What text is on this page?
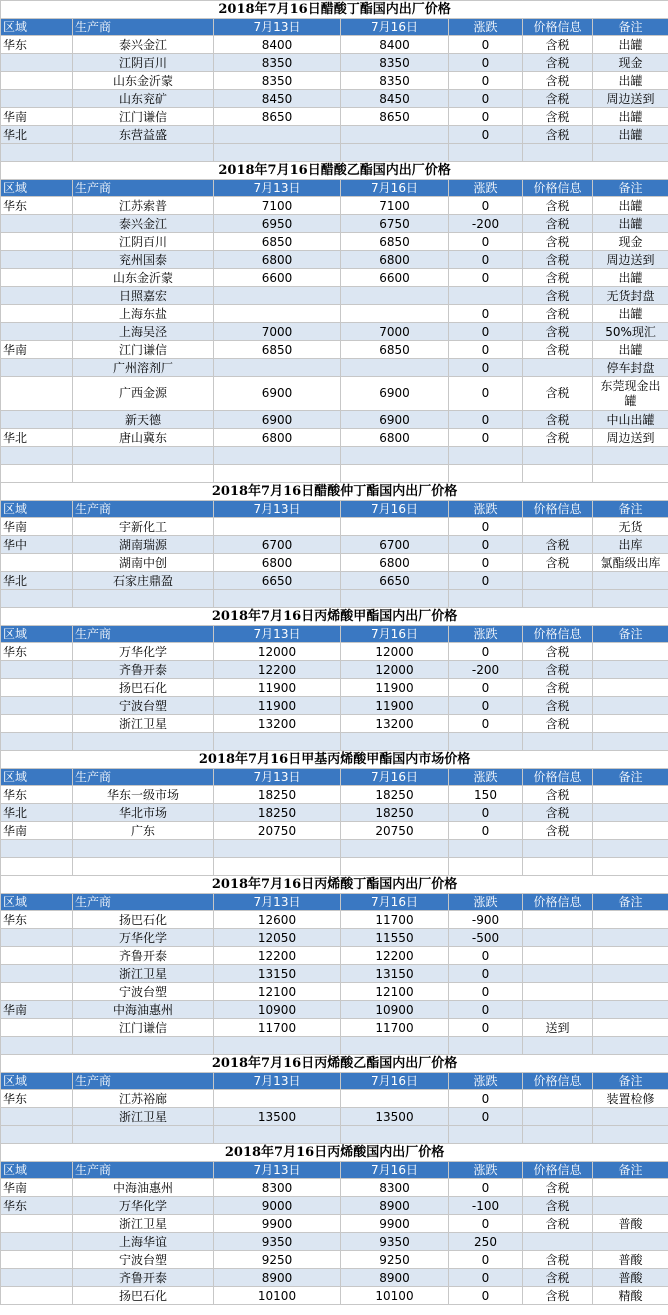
2018年7月16日醋酸丁酯国内出厂价格						
区域	生产商	7月13日	7月16日	涨跌	价格信息	备注
华东	泰兴金江	8400	8400	0	含税	出罐
	江阴百川	8350	8350	0	含税	现金
	山东金沂蒙	8350	8350	0	含税	出罐
	山东兖矿	8450	8450	0	含税	周边送到
华南	江门谦信	8650	8650	0	含税	出罐
华北	东营益盛			0	含税	出罐

2018年7月16日醋酸乙酯国内出厂价格						
区域	生产商	7月13日	7月16日	涨跌	价格信息	备注
华东	江苏索普	7100	7100	0	含税	出罐
	泰兴金江	6950	6750	-200	含税	出罐
	江阴百川	6850	6850	0	含税	现金
	兖州国泰	6800	6800	0	含税	周边送到
	山东金沂蒙	6600	6600	0	含税	出罐
	日照嘉宏				含税	无货封盘
	上海东盐			0	含税	出罐
	上海吴泾	7000	7000	0	含税	50%现汇
华南	江门谦信	6850	6850	0	含税	出罐
	广州溶剂厂			0		停车封盘
	广西金源	6900	6900	0	含税	东莞现金出罐
	新天德	6900	6900	0	含税	中山出罐
华北	唐山冀东	6800	6800	0	含税	周边送到

2018年7月16日醋酸仲丁酯国内出厂价格						
区域	生产商	7月13日	7月16日	涨跌	价格信息	备注
华南	宇新化工			0		无货
华中	湖南瑞源	6700	6700	0	含税	出库
	湖南中创	6800	6800	0	含税	氯酯级出库
华北	石家庄鼎盈	6650	6650	0		

2018年7月16日丙烯酸甲酯国内出厂价格						
区域	生产商	7月13日	7月16日	涨跌	价格信息	备注
华东	万华化学	12000	12000	0	含税	
	齐鲁开泰	12200	12000	-200	含税	
	扬巴石化	11900	11900	0	含税	
	宁波台塑	11900	11900	0	含税	
	浙江卫星	13200	13200	0	含税	

2018年7月16日甲基丙烯酸甲酯国内市场价格						
区域	生产商	7月13日	7月16日	涨跌	价格信息	备注
华东	华东一级市场	18250	18250	150	含税	
华北	华北市场	18250	18250	0	含税	
华南	广东	20750	20750	0	含税	

2018年7月16日丙烯酸丁酯国内出厂价格						
区域	生产商	7月13日	7月16日	涨跌	价格信息	备注
华东	扬巴石化	12600	11700	-900		
	万华化学	12050	11550	-500		
	齐鲁开泰	12200	12200	0		
	浙江卫星	13150	13150	0		
	宁波台塑	12100	12100	0		
华南	中海油惠州	10900	10900	0		
	江门谦信	11700	11700	0	送到	

2018年7月16日丙烯酸乙酯国内出厂价格						
区域	生产商	7月13日	7月16日	涨跌	价格信息	备注
华东	江苏裕廊			0		装置检修
	浙江卫星	13500	13500	0		

2018年7月16日丙烯酸国内出厂价格						
区域	生产商	7月13日	7月16日	涨跌	价格信息	备注
华南	中海油惠州	8300	8300	0	含税	
华东	万华化学	9000	8900	-100	含税	
	浙江卫星	9900	9900	0	含税	普酸
	上海华谊	9350	9350	250		
	宁波台塑	9250	9250	0	含税	普酸
	齐鲁开泰	8900	8900	0	含税	普酸
	扬巴石化	10100	10100	0	含税	精酸
